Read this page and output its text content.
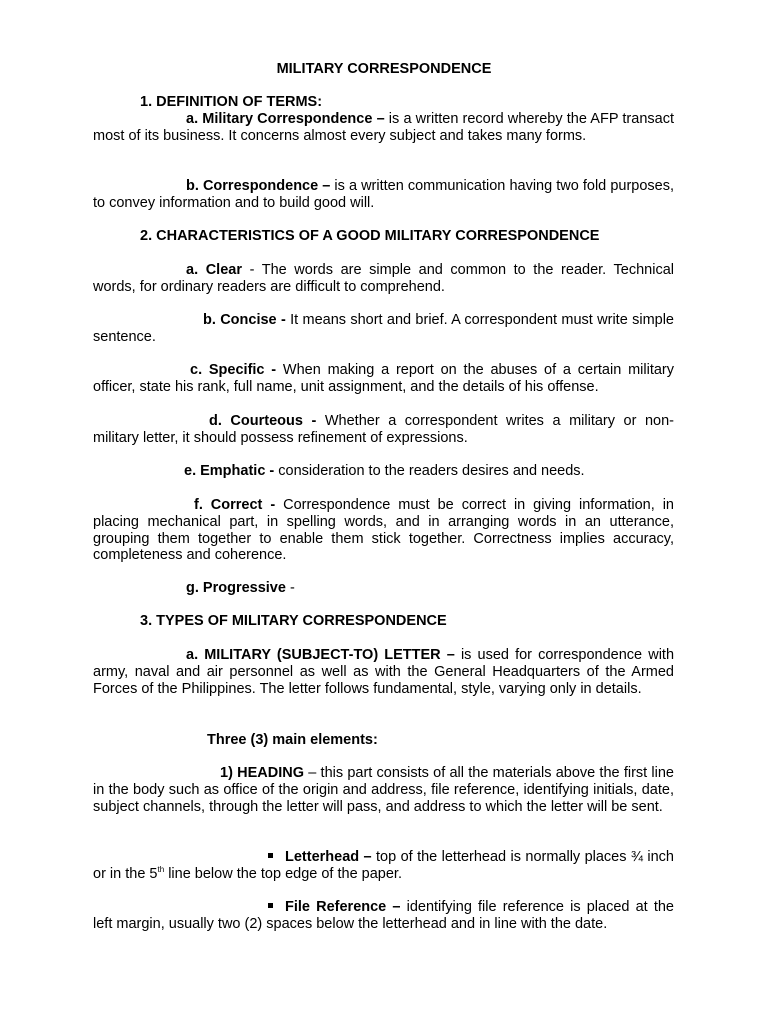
MILITARY CORRESPONDENCE
1. DEFINITION OF TERMS:
a. Military Correspondence – is a written record whereby the AFP transact most of its business. It concerns almost every subject and takes many forms.
b. Correspondence – is a written communication having two fold purposes, to convey information and to build good will.
2. CHARACTERISTICS OF A GOOD MILITARY CORRESPONDENCE
a. Clear - The words are simple and common to the reader. Technical words, for ordinary readers are difficult to comprehend.
b. Concise - It means short and brief. A correspondent must write simple sentence.
c. Specific - When making a report on the abuses of a certain military officer, state his rank, full name, unit assignment, and the details of his offense.
d. Courteous - Whether a correspondent writes a military or non-military letter, it should possess refinement of expressions.
e. Emphatic - consideration to the readers desires and needs.
f. Correct - Correspondence must be correct in giving information, in placing mechanical part, in spelling words, and in arranging words in an utterance, grouping them together to enable them stick together. Correctness implies accuracy, completeness and coherence.
g. Progressive -
3. TYPES OF MILITARY CORRESPONDENCE
a. MILITARY (SUBJECT-TO) LETTER – is used for correspondence with army, naval and air personnel as well as with the General Headquarters of the Armed Forces of the Philippines. The letter follows fundamental, style, varying only in details.
Three (3) main elements:
1) HEADING – this part consists of all the materials above the first line in the body such as office of the origin and address, file reference, identifying initials, date, subject channels, through the letter will pass, and address to which the letter will be sent.
Letterhead – top of the letterhead is normally places ¾ inch or in the 5th line below the top edge of the paper.
File Reference – identifying file reference is placed at the left margin, usually two (2) spaces below the letterhead and in line with the date.
